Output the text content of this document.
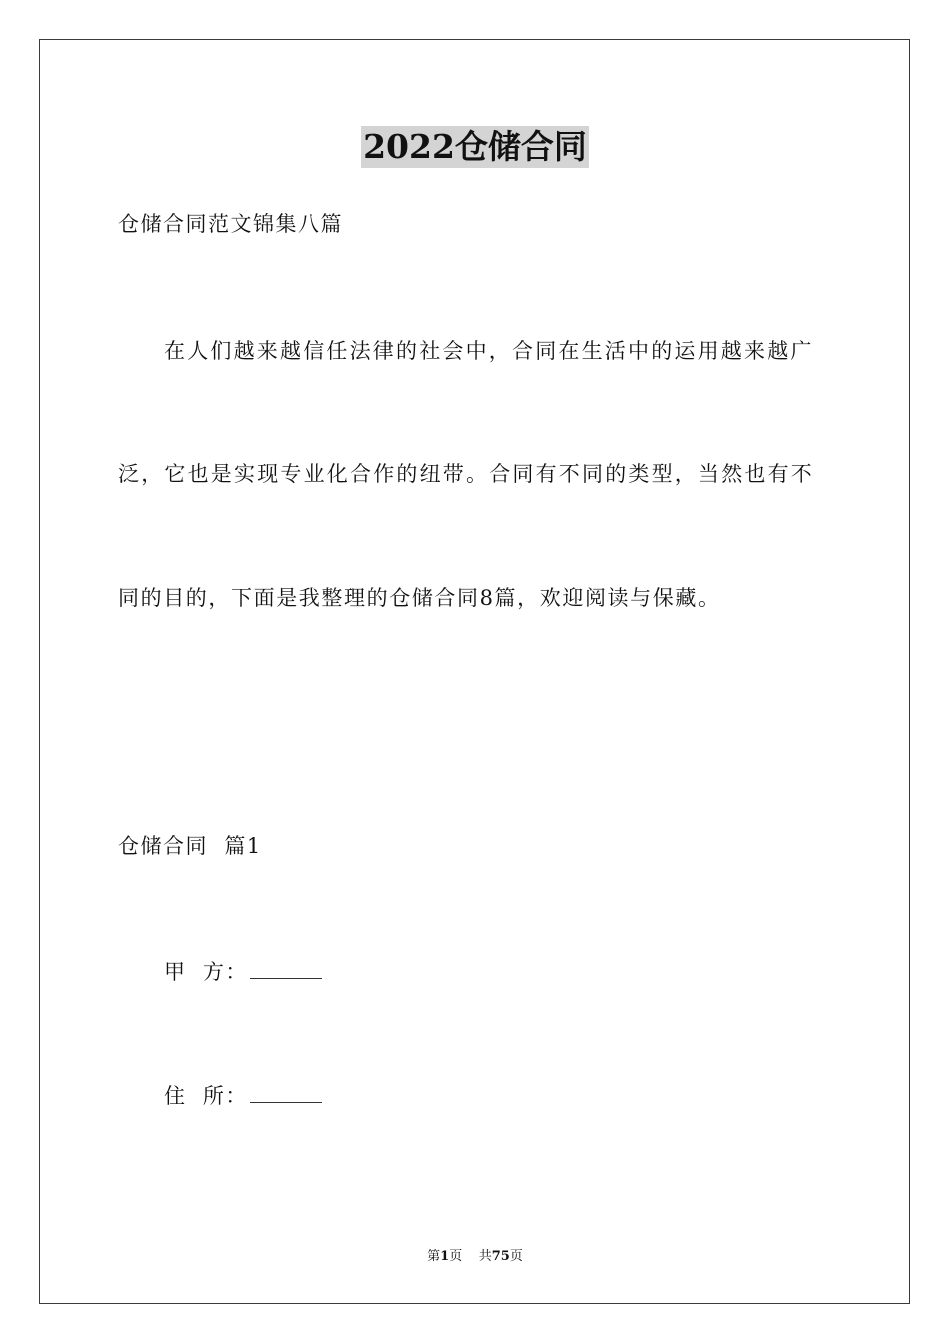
2022仓储合同
仓储合同范文锦集八篇
在人们越来越信任法律的社会中，合同在生活中的运用越来越广
泛，它也是实现专业化合作的纽带。合同有不同的类型，当然也有不
同的目的，下面是我整理的仓储合同8篇，欢迎阅读与保藏。
仓储合同  篇1
甲  方：
住  所：
第1页 共75页
